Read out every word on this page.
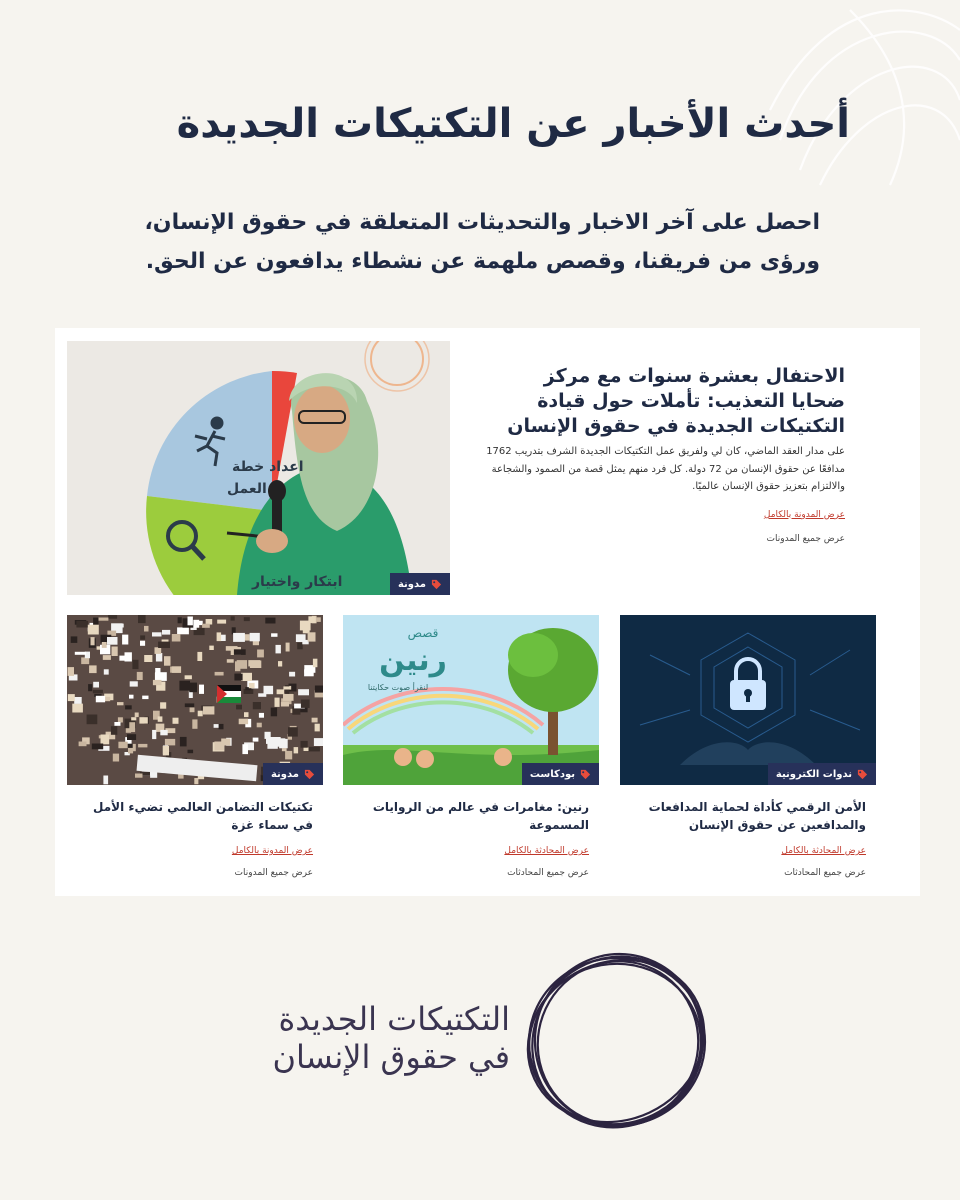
أحدث الأخبار عن التكتيكات الجديدة

احصل على آخر الاخبار والتحديثات المتعلقة في حقوق الإنسان، ورؤى من فريقنا، وقصص ملهمة عن نشطاء يدافعون عن الحق.

اعداد خطة
العمل
ابتكار واختيار	مدونة
الاحتفال بعشرة سنوات مع مركز ضحايا التعذيب: تأملات حول قيادة التكتيكات الجديدة في حقوق الإنسان

على مدار العقد الماضي، كان لي ولفريق عمل التكتيكات الجديدة الشرف بتدريب 1762 مدافعًا عن حقوق الإنسان من 72 دولة. كل فرد منهم يمثل قصة من الصمود والشجاعة والالتزام بتعزيز حقوق الإنسان عالميًا.

عرض المدونة بالكامل
عرض جميع المدونات
ندوات الكترونية
الأمن الرقمي كأداة لحماية المدافعات والمدافعين عن حقوق الإنسان
عرض المحادثة بالكامل
عرض جميع المحادثات
قصص
رنين
لنقرأ صوت حكايتنا
بودكاست
رنين: مغامرات في عالم من الروايات المسموعة
عرض المحادثة بالكامل
عرض جميع المحادثات
مدونة
تكتيكات التضامن العالمي تضيء الأمل في سماء غزة
عرض المدونة بالكامل
عرض جميع المدونات
التكتيكات الجديدة
في حقوق الإنسان
